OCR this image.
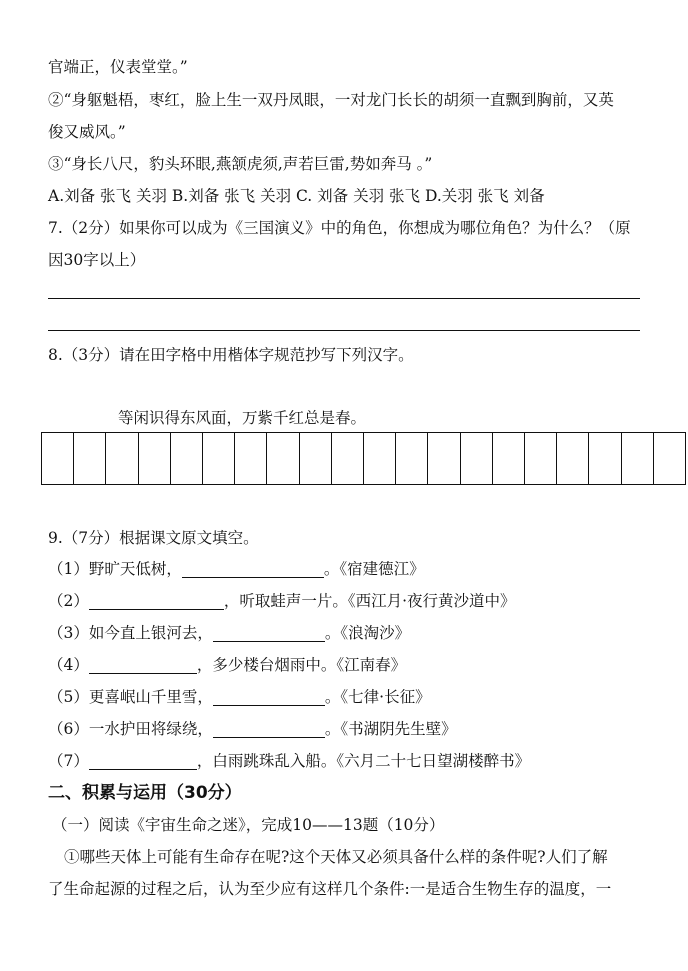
官端正，仪表堂堂。”
②“身躯魁梧，枣红，脸上生一双丹凤眼，一对龙门长长的胡须一直飘到胸前，又英
俊又威风。”
③“身长八尺，豹头环眼,燕颔虎须,声若巨雷,势如奔马 。”
A.刘备 张飞 关羽 B.刘备 张飞 关羽 C. 刘备 关羽 张飞 D.关羽 张飞 刘备
7.（2分）如果你可以成为《三国演义》中的角色，你想成为哪位角色？为什么？（原
因30字以上）
8.（3分）请在田字格中用楷体字规范抄写下列汉字。
等闲识得东风面，万紫千红总是春。
9.（7分）根据课文原文填空。
（1）野旷天低树，	。《宿建德江》
（2）	，听取蛙声一片。《西江月·夜行黄沙道中》
（3）如今直上银河去，	。《浪淘沙》
（4）	，多少楼台烟雨中。《江南春》
（5）更喜岷山千里雪，	。《七律·长征》
（6）一水护田将绿绕，	。《书湖阴先生壁》
（7）	，白雨跳珠乱入船。《六月二十七日望湖楼醉书》
二、积累与运用（30分）
（一）阅读《宇宙生命之迷》，完成10——13题（10分）
①哪些天体上可能有生命存在呢?这个天体又必须具备什么样的条件呢?人们了解
了生命起源的过程之后，认为至少应有这样几个条件:一是适合生物生存的温度，一
